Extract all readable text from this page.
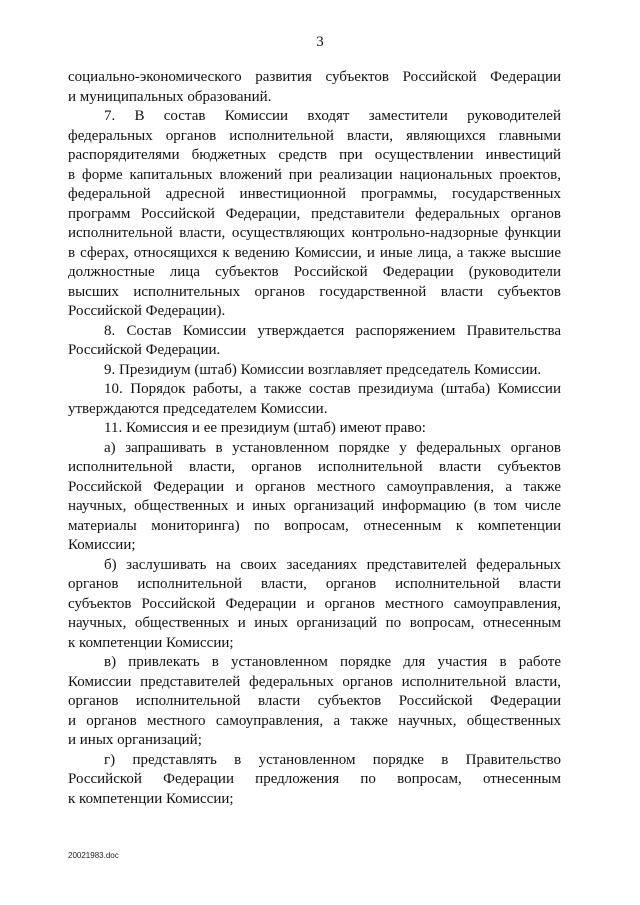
3
социально-экономического развития субъектов Российской Федерации
и муниципальных образований.
7. В состав Комиссии входят заместители руководителей
федеральных органов исполнительной власти, являющихся главными
распорядителями бюджетных средств при осуществлении инвестиций
в форме капитальных вложений при реализации национальных проектов,
федеральной адресной инвестиционной программы, государственных
программ Российской Федерации, представители федеральных органов
исполнительной власти, осуществляющих контрольно-надзорные функции
в сферах, относящихся к ведению Комиссии, и иные лица, а также высшие
должностные лица субъектов Российской Федерации (руководители
высших исполнительных органов государственной власти субъектов
Российской Федерации).
8. Состав Комиссии утверждается распоряжением Правительства
Российской Федерации.
9. Президиум (штаб) Комиссии возглавляет председатель Комиссии.
10. Порядок работы, а также состав президиума (штаба) Комиссии
утверждаются председателем Комиссии.
11. Комиссия и ее президиум (штаб) имеют право:
а) запрашивать в установленном порядке у федеральных органов
исполнительной власти, органов исполнительной власти субъектов
Российской Федерации и органов местного самоуправления, а также
научных, общественных и иных организаций информацию (в том числе
материалы мониторинга) по вопросам, отнесенным к компетенции
Комиссии;
б) заслушивать на своих заседаниях представителей федеральных
органов исполнительной власти, органов исполнительной власти
субъектов Российской Федерации и органов местного самоуправления,
научных, общественных и иных организаций по вопросам, отнесенным
к компетенции Комиссии;
в) привлекать в установленном порядке для участия в работе
Комиссии представителей федеральных органов исполнительной власти,
органов исполнительной власти субъектов Российской Федерации
и органов местного самоуправления, а также научных, общественных
и иных организаций;
г) представлять в установленном порядке в Правительство
Российской Федерации предложения по вопросам, отнесенным
к компетенции Комиссии;
20021983.doc
